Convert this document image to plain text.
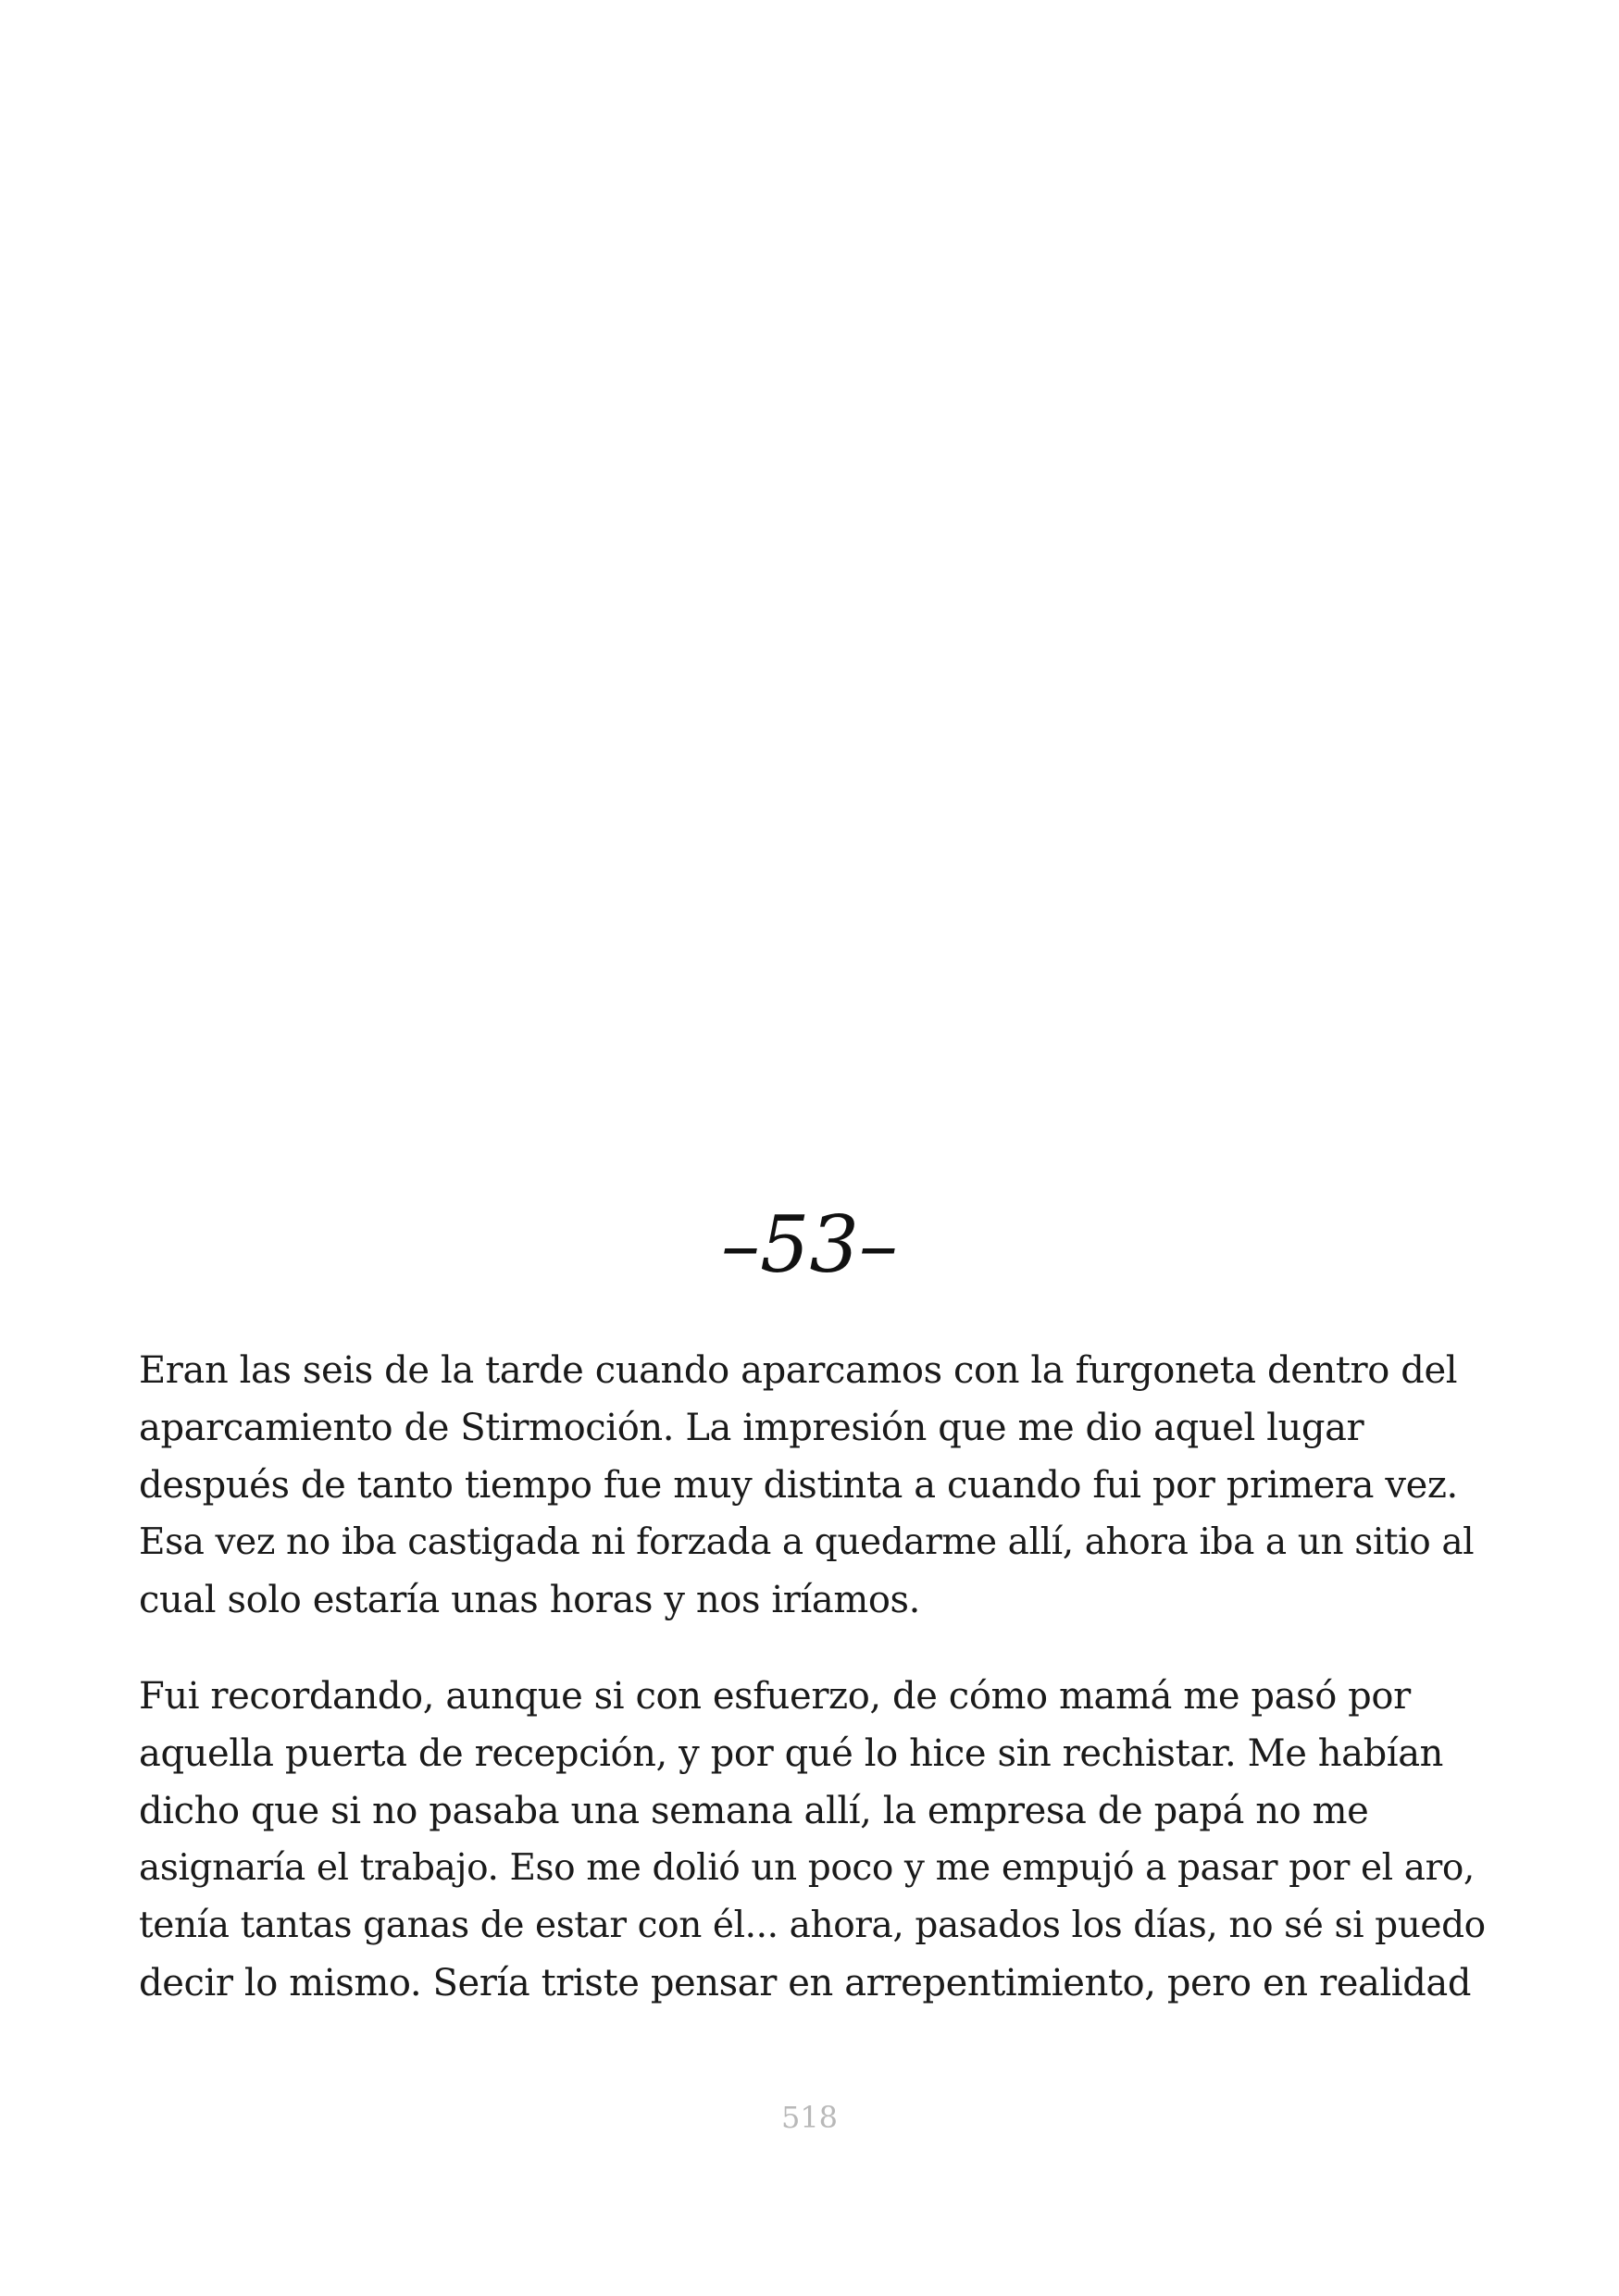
–53–
Eran las seis de la tarde cuando aparcamos con la furgoneta dentro del
aparcamiento de Stirmoción. La impresión que me dio aquel lugar
después de tanto tiempo fue muy distinta a cuando fui por primera vez.
Esa vez no iba castigada ni forzada a quedarme allí, ahora iba a un sitio al
cual solo estaría unas horas y nos iríamos.
Fui recordando, aunque si con esfuerzo, de cómo mamá me pasó por
aquella puerta de recepción, y por qué lo hice sin rechistar. Me habían
dicho que si no pasaba una semana allí, la empresa de papá no me
asignaría el trabajo. Eso me dolió un poco y me empujó a pasar por el aro,
tenía tantas ganas de estar con él... ahora, pasados los días, no sé si puedo
decir lo mismo. Sería triste pensar en arrepentimiento, pero en realidad
518
